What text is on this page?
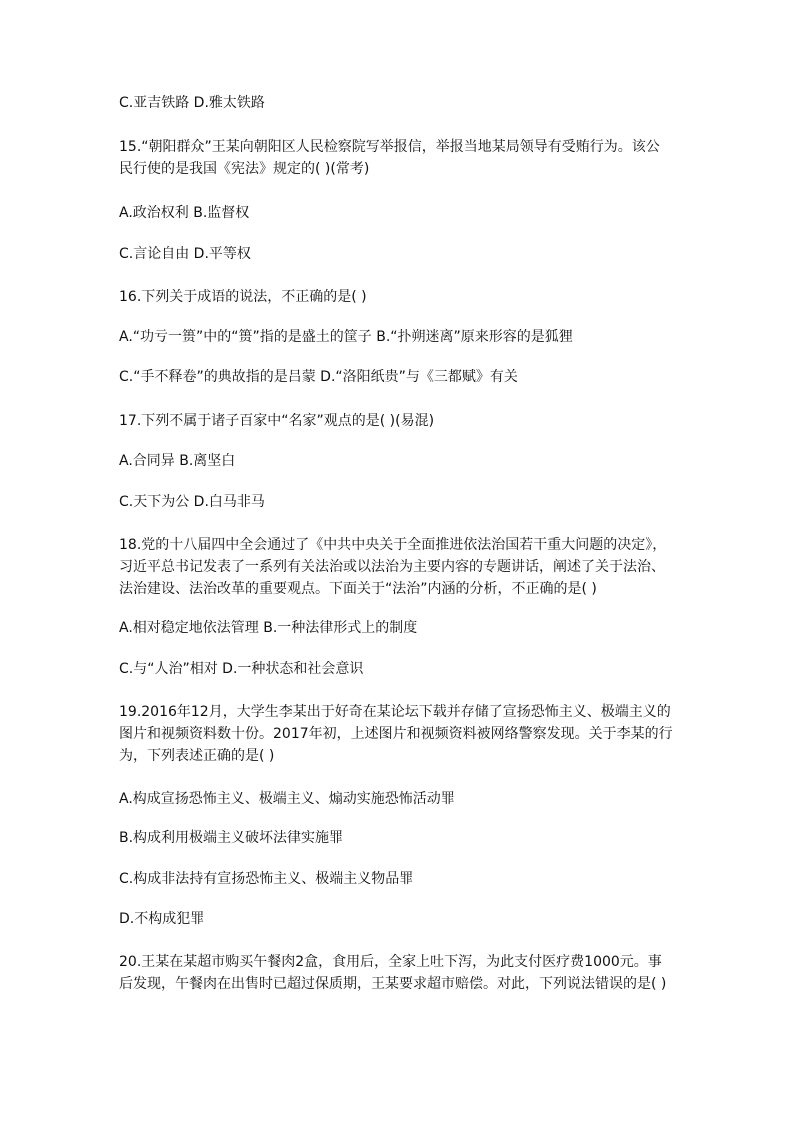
C.亚吉铁路 D.雅太铁路
15.“朝阳群众”王某向朝阳区人民检察院写举报信，举报当地某局领导有受贿行为。该公
民行使的是我国《宪法》规定的( )(常考)
A.政治权利 B.监督权
C.言论自由 D.平等权
16.下列关于成语的说法，不正确的是( )
A.“功亏一篑”中的“篑”指的是盛土的筐子 B.“扑朔迷离”原来形容的是狐狸
C.“手不释卷”的典故指的是吕蒙 D.“洛阳纸贵”与《三都赋》有关
17.下列不属于诸子百家中“名家”观点的是( )(易混)
A.合同异 B.离坚白
C.天下为公 D.白马非马
18.党的十八届四中全会通过了《中共中央关于全面推进依法治国若干重大问题的决定》，
习近平总书记发表了一系列有关法治或以法治为主要内容的专题讲话，阐述了关于法治、
法治建设、法治改革的重要观点。下面关于“法治”内涵的分析，不正确的是( )
A.相对稳定地依法管理 B.一种法律形式上的制度
C.与“人治”相对 D.一种状态和社会意识
19.2016年12月，大学生李某出于好奇在某论坛下载并存储了宣扬恐怖主义、极端主义的
图片和视频资料数十份。2017年初，上述图片和视频资料被网络警察发现。关于李某的行
为，下列表述正确的是( )
A.构成宣扬恐怖主义、极端主义、煽动实施恐怖活动罪
B.构成利用极端主义破坏法律实施罪
C.构成非法持有宣扬恐怖主义、极端主义物品罪
D.不构成犯罪
20.王某在某超市购买午餐肉2盒，食用后，全家上吐下泻，为此支付医疗费1000元。事
后发现，午餐肉在出售时已超过保质期，王某要求超市赔偿。对此，下列说法错误的是( )
